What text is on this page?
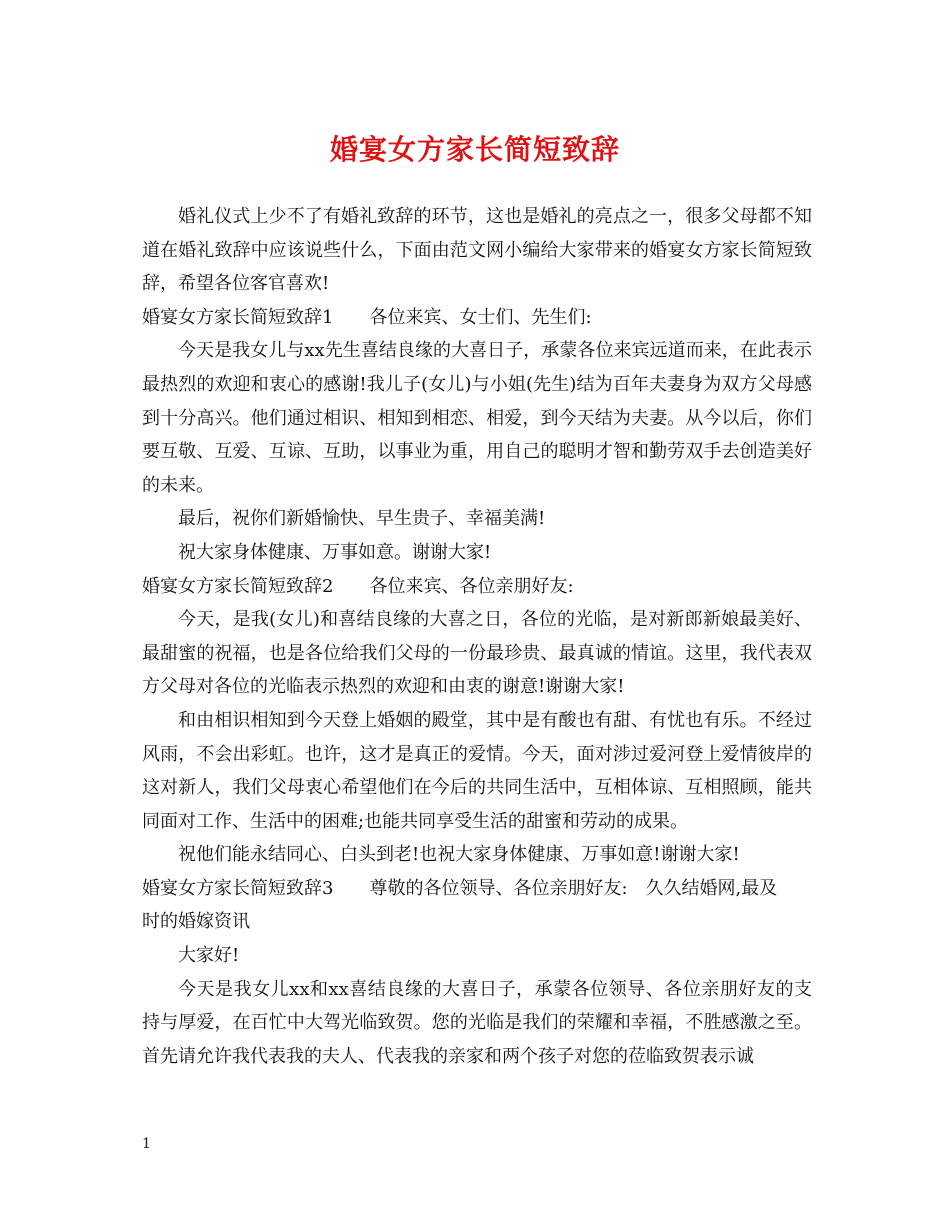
婚宴女方家长简短致辞

婚礼仪式上少不了有婚礼致辞的环节，这也是婚礼的亮点之一，很多父母都不知道在婚礼致辞中应该说些什么，下面由范文网小编给大家带来的婚宴女方家长简短致辞，希望各位客官喜欢!

婚宴女方家长简短致辞1 各位来宾、女士们、先生们:

今天是我女儿与xx先生喜结良缘的大喜日子，承蒙各位来宾远道而来，在此表示最热烈的欢迎和衷心的感谢!我儿子(女儿)与小姐(先生)结为百年夫妻身为双方父母感到十分高兴。他们通过相识、相知到相恋、相爱，到今天结为夫妻。从今以后，你们要互敬、互爱、互谅、互助，以事业为重，用自己的聪明才智和勤劳双手去创造美好的未来。

最后，祝你们新婚愉快、早生贵子、幸福美满!

祝大家身体健康、万事如意。谢谢大家!

婚宴女方家长简短致辞2 各位来宾、各位亲朋好友:

今天，是我(女儿)和喜结良缘的大喜之日，各位的光临，是对新郎新娘最美好、最甜蜜的祝福，也是各位给我们父母的一份最珍贵、最真诚的情谊。这里，我代表双方父母对各位的光临表示热烈的欢迎和由衷的谢意!谢谢大家!

和由相识相知到今天登上婚姻的殿堂，其中是有酸也有甜、有忧也有乐。不经过风雨，不会出彩虹。也许，这才是真正的爱情。今天，面对涉过爱河登上爱情彼岸的这对新人，我们父母衷心希望他们在今后的共同生活中，互相体谅、互相照顾，能共同面对工作、生活中的困难;也能共同享受生活的甜蜜和劳动的成果。

祝他们能永结同心、白头到老!也祝大家身体健康、万事如意!谢谢大家!

婚宴女方家长简短致辞3 尊敬的各位领导、各位亲朋好友: 久久结婚网,最及

时的婚嫁资讯

大家好!

今天是我女儿xx和xx喜结良缘的大喜日子，承蒙各位领导、各位亲朋好友的支持与厚爱，在百忙中大驾光临致贺。您的光临是我们的荣耀和幸福，不胜感激之至。首先请允许我代表我的夫人、代表我的亲家和两个孩子对您的莅临致贺表示诚

1
